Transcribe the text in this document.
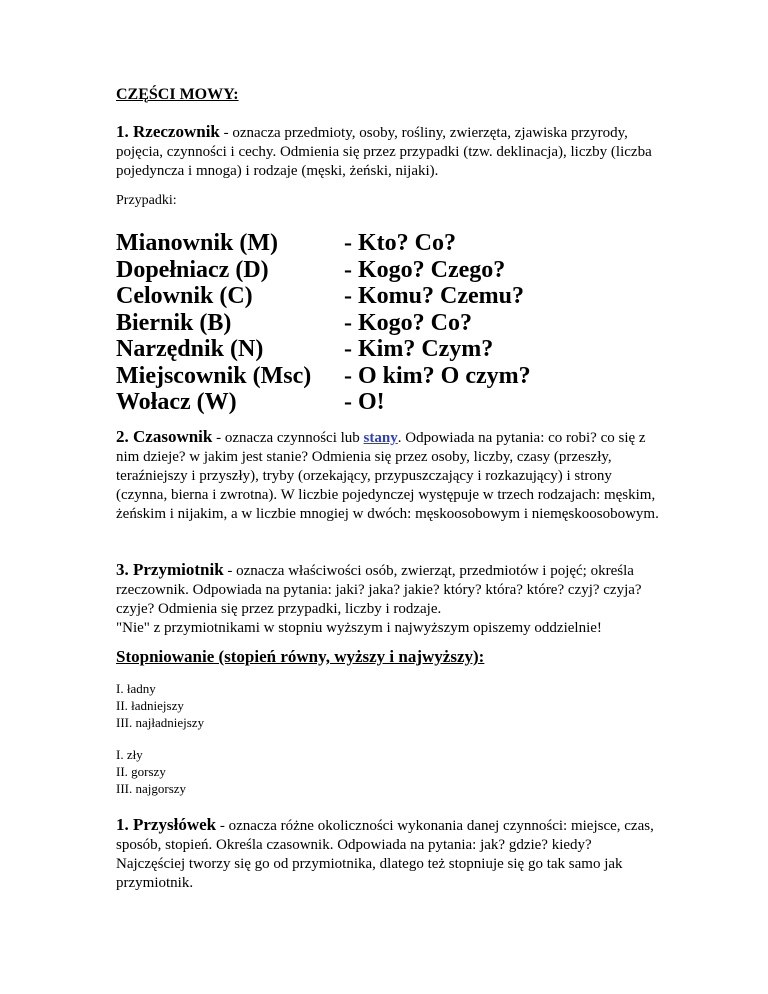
CZĘŚCI MOWY:
1. Rzeczownik - oznacza przedmioty, osoby, rośliny, zwierzęta, zjawiska przyrody, pojęcia, czynności i cechy. Odmienia się przez przypadki (tzw. deklinacja), liczby (liczba pojedyncza i mnoga) i rodzaje (męski, żeński, nijaki).
Przypadki:
Mianownik (M)	- Kto? Co?
Dopełniacz (D)	- Kogo? Czego?
Celownik (C)	- Komu? Czemu?
Biernik (B)	- Kogo? Co?
Narzędnik (N)	- Kim? Czym?
Miejscownik (Msc)	- O kim? O czym?
Wołacz (W)	- O!
2. Czasownik - oznacza czynności lub stany. Odpowiada na pytania: co robi? co się z nim dzieje? w jakim jest stanie? Odmienia się przez osoby, liczby, czasy (przeszły, teraźniejszy i przyszły), tryby (orzekający, przypuszczający i rozkazujący) i strony (czynna, bierna i zwrotna). W liczbie pojedynczej występuje w trzech rodzajach: męskim, żeńskim i nijakim, a w liczbie mnogiej w dwóch: męskoosobowym i niemęskoosobowym.
3. Przymiotnik - oznacza właściwości osób, zwierząt, przedmiotów i pojęć; określa rzeczownik. Odpowiada na pytania: jaki? jaka? jakie? który? która? które? czyj? czyja? czyje? Odmienia się przez przypadki, liczby i rodzaje.
"Nie" z przymiotnikami w stopniu wyższym i najwyższym opiszemy oddzielnie!
Stopniowanie (stopień równy, wyższy i najwyższy):
I. ładny
II. ładniejszy
III. najładniejszy
I. zły
II. gorszy
III. najgorszy
1. Przysłówek - oznacza różne okoliczności wykonania danej czynności: miejsce, czas, sposób, stopień. Określa czasownik. Odpowiada na pytania: jak? gdzie? kiedy? Najczęściej tworzy się go od przymiotnika, dlatego też stopniuje się go tak samo jak przymiotnik.
